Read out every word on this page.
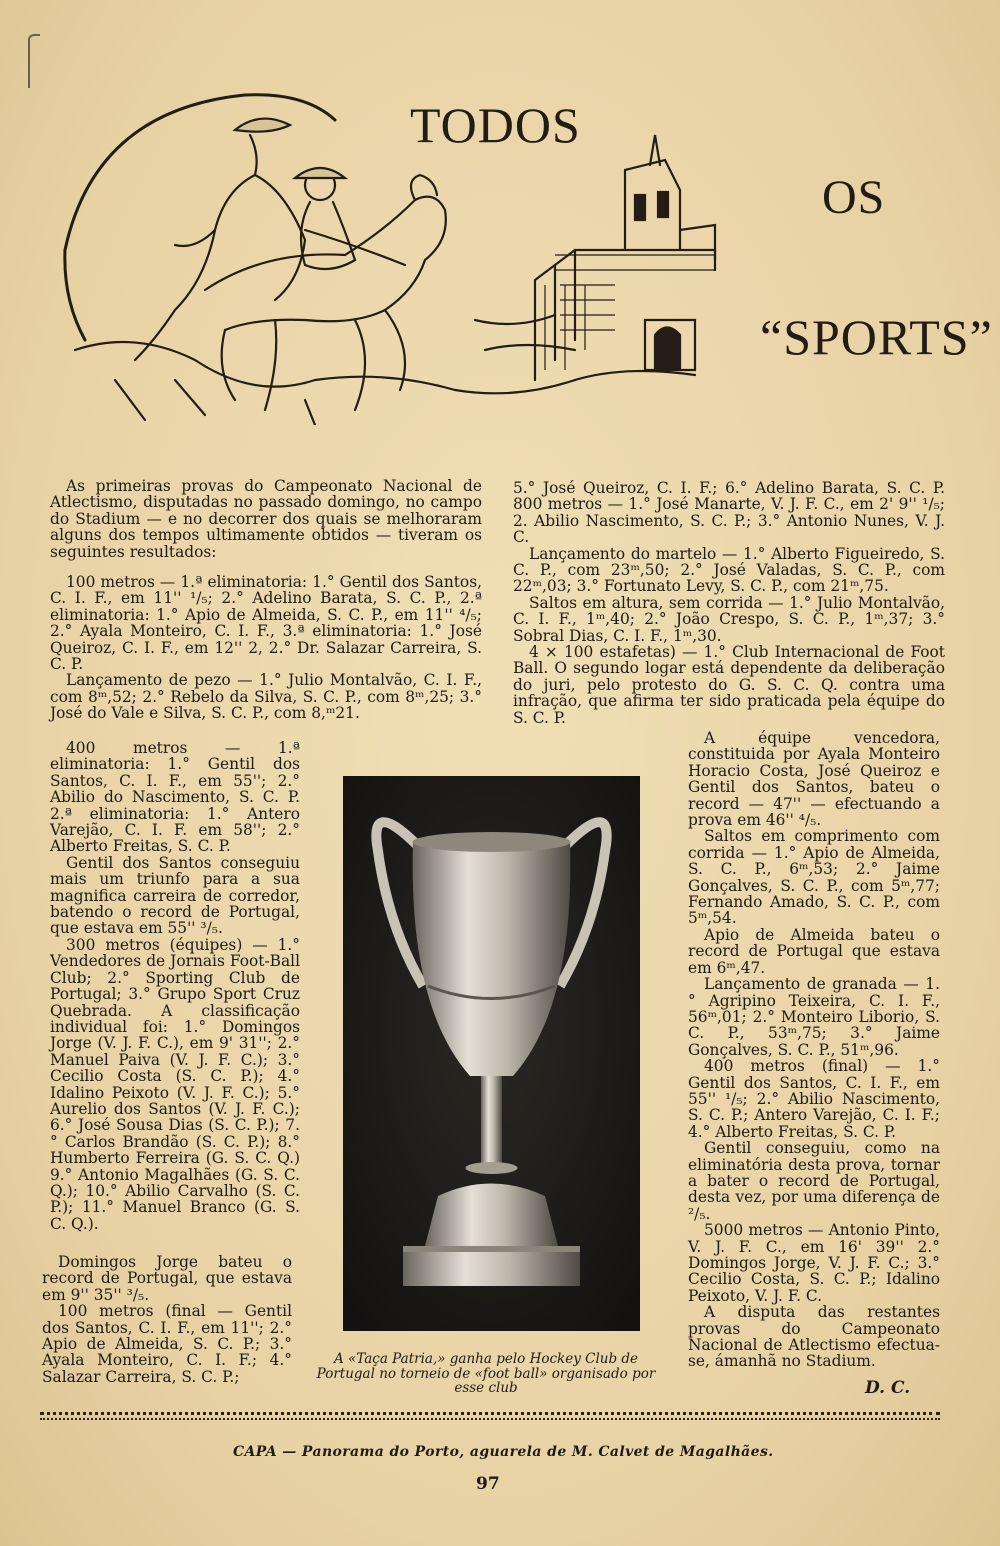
TODOS
OS
“SPORTS”

As primeiras provas do Campeonato Nacional de Atlectismo, disputadas no passado domingo, no campo do Stadium — e no decorrer dos quais se melhoraram alguns dos tempos ultimamente obtidos — tiveram os seguintes resultados:

100 metros — 1.ª eliminatoria: 1.° Gentil dos Santos, C. I. F., em 11'' ¹/₅; 2.° Adelino Barata, S. C. P., 2.ª eliminatoria: 1.° Apio de Almeida, S. C. P., em 11'' ⁴/₅; 2.° Ayala Monteiro, C. I. F., 3.ª eliminatoria: 1.° José Queiroz, C. I. F., em 12'' 2, 2.° Dr. Salazar Carreira, S. C. P.

Lançamento de pezo — 1.° Julio Montalvão, C. I. F., com 8ᵐ,52; 2.° Rebelo da Silva, S. C. P., com 8ᵐ,25; 3.° José do Vale e Silva, S. C. P., com 8,ᵐ21.

400 metros — 1.ª eliminatoria: 1.° Gentil dos Santos, C. I. F., em 55''; 2.° Abilio do Nascimento, S. C. P. 2.ª eliminatoria: 1.° Antero Varejão, C. I. F. em 58''; 2.° Alberto Freitas, S. C. P.

Gentil dos Santos conseguiu mais um triunfo para a sua magnifica carreira de corredor, batendo o record de Portugal, que estava em 55'' ³/₅.

300 metros (équipes) — 1.° Vendedores de Jornais Foot-Ball Club; 2.° Sporting Club de Portugal; 3.° Grupo Sport Cruz Quebrada. A classificação individual foi: 1.° Domingos Jorge (V. J. F. C.), em 9' 31''; 2.° Manuel Paiva (V. J. F. C.); 3.° Cecilio Costa (S. C. P.); 4.° Idalino Peixoto (V. J. F. C.); 5.° Aurelio dos Santos (V. J. F. C.); 6.° José Sousa Dias (S. C. P.); 7.° Carlos Brandão (S. C. P.); 8.° Humberto Ferreira (G. S. C. Q.) 9.° Antonio Magalhães (G. S. C. Q.); 10.° Abilio Carvalho (S. C. P.); 11.° Manuel Branco (G. S. C. Q.).

Domingos Jorge bateu o record de Portugal, que estava em 9'' 35'' ³/₅.

100 metros (final — Gentil dos Santos, C. I. F., em 11''; 2.° Apio de Almeida, S. C. P.; 3.° Ayala Monteiro, C. I. F.; 4.° Salazar Carreira, S. C. P.;

5.° José Queiroz, C. I. F.; 6.° Adelino Barata, S. C. P. 800 metros — 1.° José Manarte, V. J. F. C., em 2' 9'' ¹/₅; 2. Abilio Nascimento, S. C. P.; 3.° Antonio Nunes, V. J. C.

Lançamento do martelo — 1.° Alberto Figueiredo, S. C. P., com 23ᵐ,50; 2.° José Valadas, S. C. P., com 22ᵐ,03; 3.° Fortunato Levy, S. C. P., com 21ᵐ,75.

Saltos em altura, sem corrida — 1.° Julio Montalvão, C. I. F., 1ᵐ,40; 2.° João Crespo, S. C. P., 1ᵐ,37; 3.° Sobral Dias, C. I. F., 1ᵐ,30.

4 × 100 estafetas) — 1.° Club Internacional de Foot Ball. O segundo logar está dependente da deliberação do juri, pelo protesto do G. S. C. Q. contra uma infração, que afirma ter sido praticada pela équipe do S. C. P.

A équipe vencedora, constituida por Ayala Monteiro Horacio Costa, José Queiroz e Gentil dos Santos, bateu o record — 47'' — efectuando a prova em 46'' ⁴/₅.

Saltos em comprimento com corrida — 1.° Apio de Almeida, S. C. P., 6ᵐ,53; 2.° Jaime Gonçalves, S. C. P., com 5ᵐ,77; Fernando Amado, S. C. P., com 5ᵐ,54.

Apio de Almeida bateu o record de Portugal que estava em 6ᵐ,47.

Lançamento de granada — 1.° Agripino Teixeira, C. I. F., 56ᵐ,01; 2.° Monteiro Liborio, S. C. P., 53ᵐ,75; 3.° Jaime Gonçalves, S. C. P., 51ᵐ,96.

400 metros (final) — 1.° Gentil dos Santos, C. I. F., em 55'' ¹/₅; 2.° Abilio Nascimento, S. C. P.; Antero Varejão, C. I. F.; 4.° Alberto Freitas, S. C. P.

Gentil conseguiu, como na eliminatória desta prova, tornar a bater o record de Portugal, desta vez, por uma diferença de ²/₅.

5000 metros — Antonio Pinto, V. J. F. C., em 16' 39'' 2.° Domingos Jorge, V. J. F. C.; 3.° Cecilio Costa, S. C. P.; Idalino Peixoto, V. J. F. C.

A disputa das restantes provas do Campeonato Nacional de Atlectismo efectua-se, ámanhã no Stadium.

A «Taça Patria,» ganha pelo Hockey Club de Portugal no torneio de «foot ball» organisado por esse club	D. C.
CAPA — Panorama do Porto, aguarela de M. Calvet de Magalhães.
97
